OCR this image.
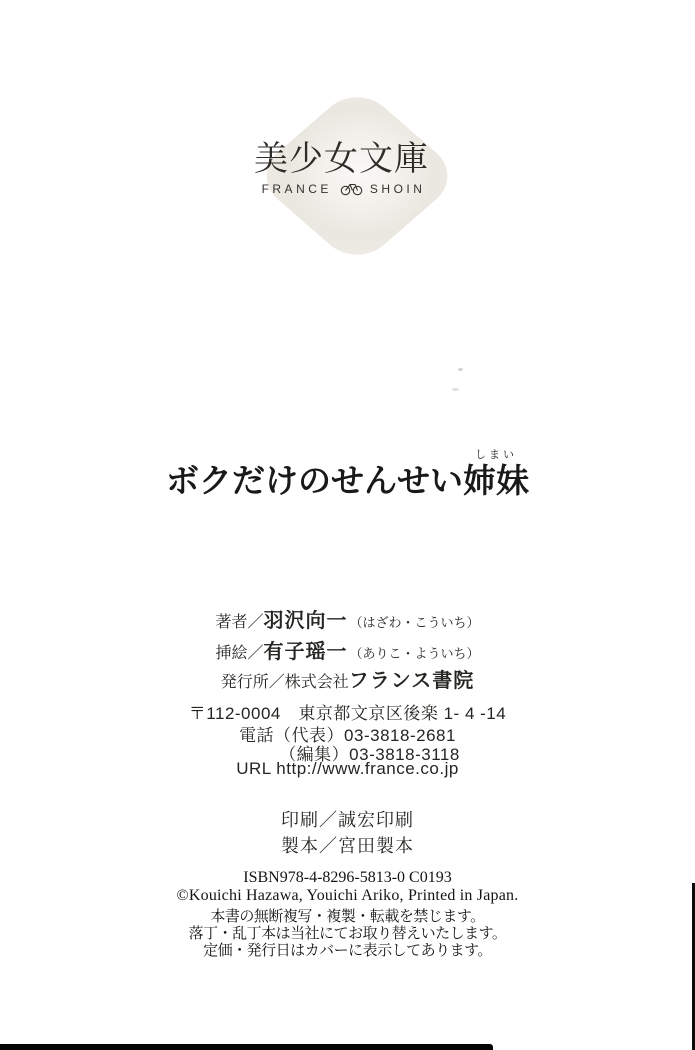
美少女文庫
FRANCE	SHOIN
ボクだけのせんせい
しまい
姉妹
著者／羽沢向一 （はざわ・こういち）
挿絵／有子瑶一 （ありこ・よういち）
発行所／株式会社フランス書院
〒112-0004　東京都文京区後楽 1- 4 -14
電話（代表）03-3818-2681
（編集）03-3818-3118
URL http://www.france.co.jp
印刷／誠宏印刷
製本／宮田製本
ISBN978-4-8296-5813-0 C0193
©Kouichi Hazawa, Youichi Ariko, Printed in Japan.
本書の無断複写・複製・転載を禁じます。
落丁・乱丁本は当社にてお取り替えいたします。
定価・発行日はカバーに表示してあります。
